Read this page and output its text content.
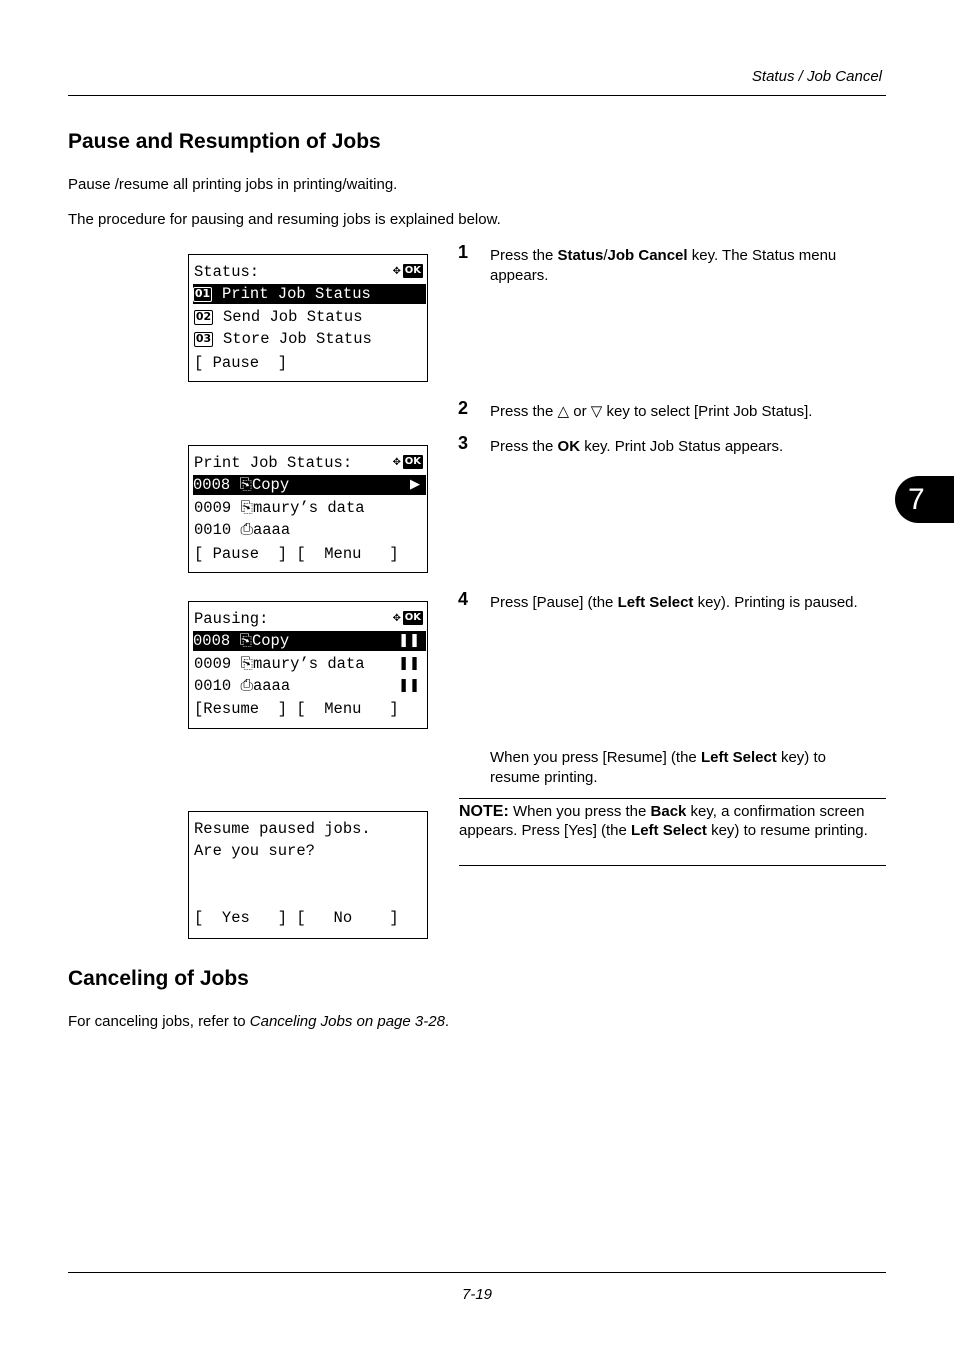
Status / Job Cancel
Pause and Resumption of Jobs
Pause /resume all printing jobs in printing/waiting.
The procedure for pausing and resuming jobs is explained below.
Status:	✥ OK
01 Print Job Status
02 Send Job Status
03 Store Job Status
[ Pause  ]
Print Job Status:	✥ OK
0008 ⎘Copy	▶
0009 ⎘maury’s data
0010 ⎙aaaa
[ Pause  ] [  Menu   ]
Pausing:	✥ OK
0008 ⎘Copy	❚❚
0009 ⎘maury’s data	❚❚
0010 ⎙aaaa	❚❚
[Resume  ] [  Menu   ]
Resume paused jobs.
Are you sure?
[  Yes   ] [   No    ]
1 Press the Status/Job Cancel key. The Status menu appears.
2 Press the △ or ▽ key to select [Print Job Status].
3 Press the OK key. Print Job Status appears.
4 Press [Pause] (the Left Select key). Printing is paused.
When you press [Resume] (the Left Select key) to resume printing.
NOTE: When you press the Back key, a confirmation screen appears. Press [Yes] (the Left Select key) to resume printing.
Canceling of Jobs
For canceling jobs, refer to Canceling Jobs on page 3-28.
7
7-19
